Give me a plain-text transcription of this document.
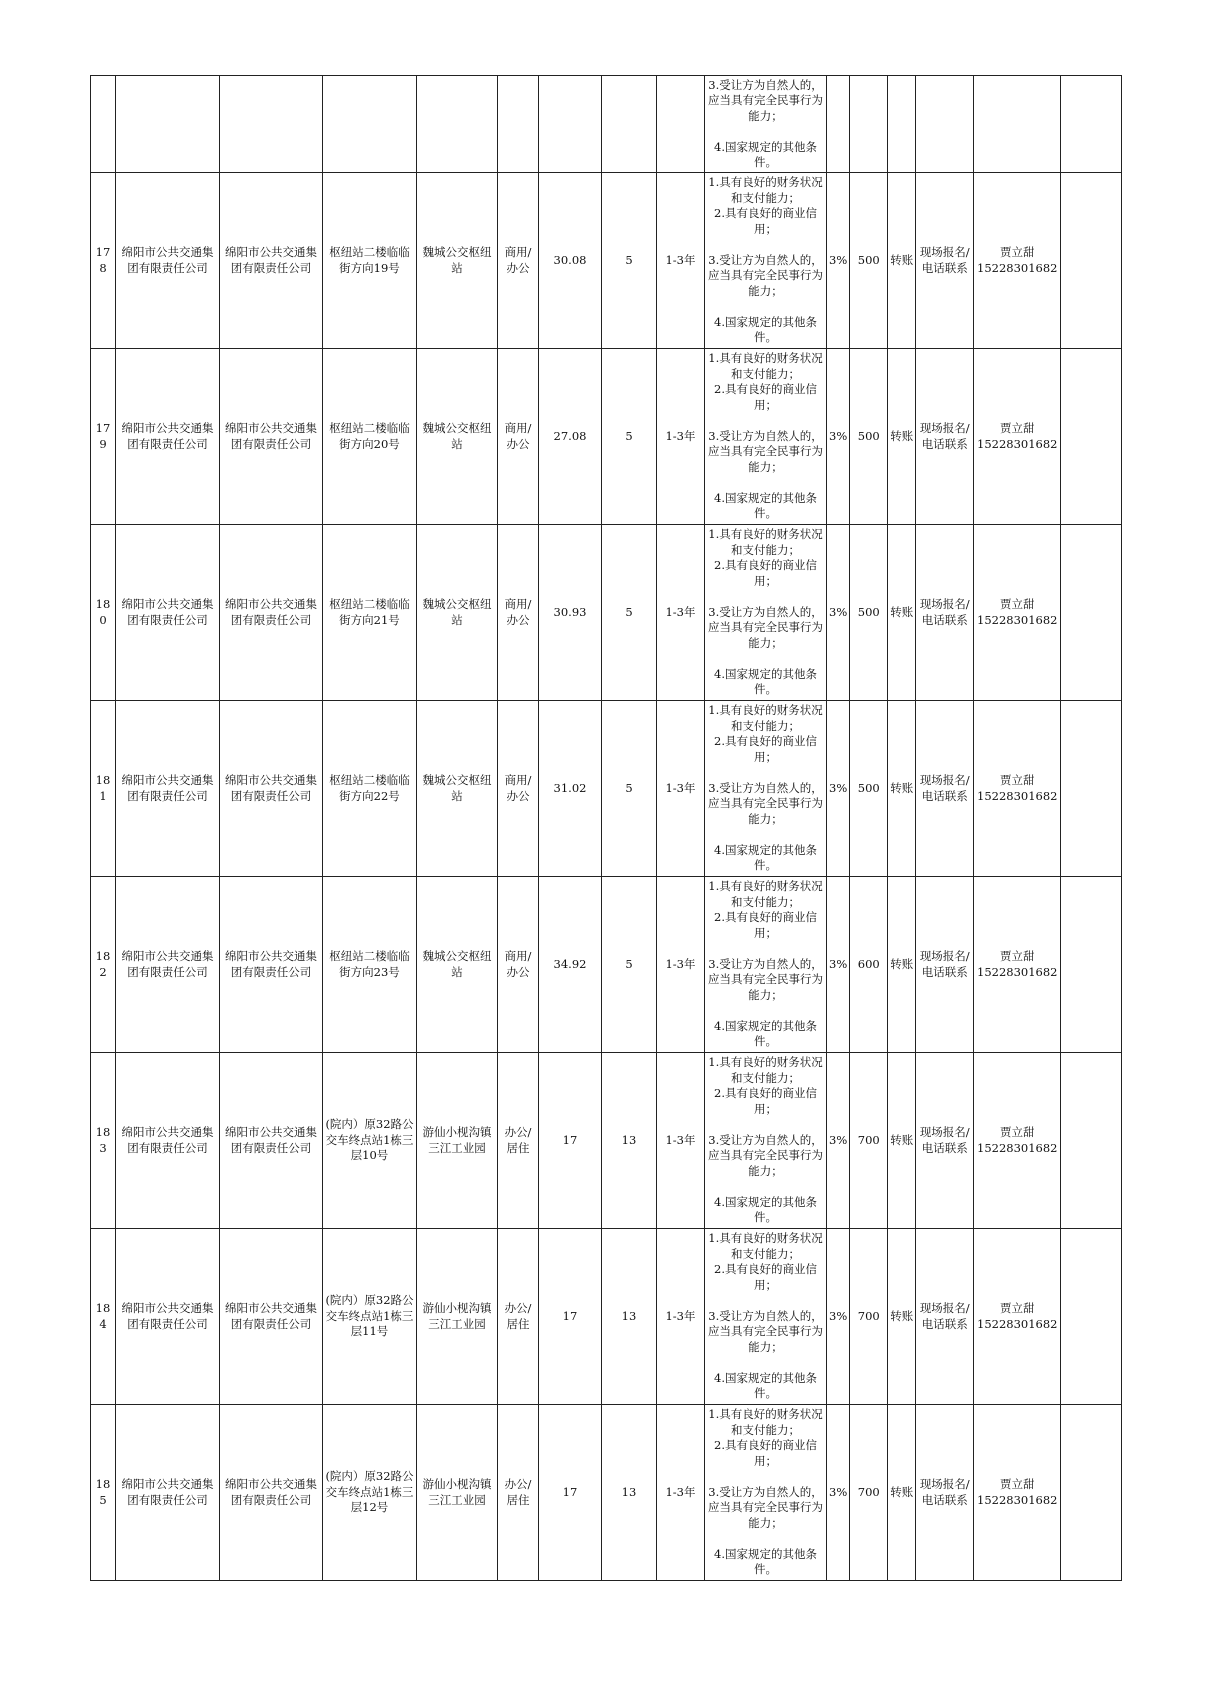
									3.受让方为自然人的，应当具有完全民事行为能力；
4.国家规定的其他条件。						

178	绵阳市公共交通集团有限责任公司	绵阳市公共交通集团有限责任公司	枢纽站二楼临临街方向19号	魏城公交枢纽站	商用/办公	30.08	5	1-3年	1.具有良好的财务状况和支付能力；
2.具有良好的商业信用；
3.受让方为自然人的，应当具有完全民事行为能力；
4.国家规定的其他条件。	3%	500	转账	现场报名/电话联系	贾立甜
15228301682	

179	绵阳市公共交通集团有限责任公司	绵阳市公共交通集团有限责任公司	枢纽站二楼临临街方向20号	魏城公交枢纽站	商用/办公	27.08	5	1-3年	1.具有良好的财务状况和支付能力；
2.具有良好的商业信用；
3.受让方为自然人的，应当具有完全民事行为能力；
4.国家规定的其他条件。	3%	500	转账	现场报名/电话联系	贾立甜
15228301682	

180	绵阳市公共交通集团有限责任公司	绵阳市公共交通集团有限责任公司	枢纽站二楼临临街方向21号	魏城公交枢纽站	商用/办公	30.93	5	1-3年	1.具有良好的财务状况和支付能力；
2.具有良好的商业信用；
3.受让方为自然人的，应当具有完全民事行为能力；
4.国家规定的其他条件。	3%	500	转账	现场报名/电话联系	贾立甜
15228301682	

181	绵阳市公共交通集团有限责任公司	绵阳市公共交通集团有限责任公司	枢纽站二楼临临街方向22号	魏城公交枢纽站	商用/办公	31.02	5	1-3年	1.具有良好的财务状况和支付能力；
2.具有良好的商业信用；
3.受让方为自然人的，应当具有完全民事行为能力；
4.国家规定的其他条件。	3%	500	转账	现场报名/电话联系	贾立甜
15228301682	

182	绵阳市公共交通集团有限责任公司	绵阳市公共交通集团有限责任公司	枢纽站二楼临临街方向23号	魏城公交枢纽站	商用/办公	34.92	5	1-3年	1.具有良好的财务状况和支付能力；
2.具有良好的商业信用；
3.受让方为自然人的，应当具有完全民事行为能力；
4.国家规定的其他条件。	3%	600	转账	现场报名/电话联系	贾立甜
15228301682	

183	绵阳市公共交通集团有限责任公司	绵阳市公共交通集团有限责任公司	(院内）原32路公交车终点站1栋三层10号	游仙小枧沟镇三江工业园	办公/居住	17	13	1-3年	1.具有良好的财务状况和支付能力；
2.具有良好的商业信用；
3.受让方为自然人的，应当具有完全民事行为能力；
4.国家规定的其他条件。	3%	700	转账	现场报名/电话联系	贾立甜
15228301682	

184	绵阳市公共交通集团有限责任公司	绵阳市公共交通集团有限责任公司	(院内）原32路公交车终点站1栋三层11号	游仙小枧沟镇三江工业园	办公/居住	17	13	1-3年	1.具有良好的财务状况和支付能力；
2.具有良好的商业信用；
3.受让方为自然人的，应当具有完全民事行为能力；
4.国家规定的其他条件。	3%	700	转账	现场报名/电话联系	贾立甜
15228301682	

185	绵阳市公共交通集团有限责任公司	绵阳市公共交通集团有限责任公司	(院内）原32路公交车终点站1栋三层12号	游仙小枧沟镇三江工业园	办公/居住	17	13	1-3年	1.具有良好的财务状况和支付能力；
2.具有良好的商业信用；
3.受让方为自然人的，应当具有完全民事行为能力；
4.国家规定的其他条件。	3%	700	转账	现场报名/电话联系	贾立甜
15228301682	
